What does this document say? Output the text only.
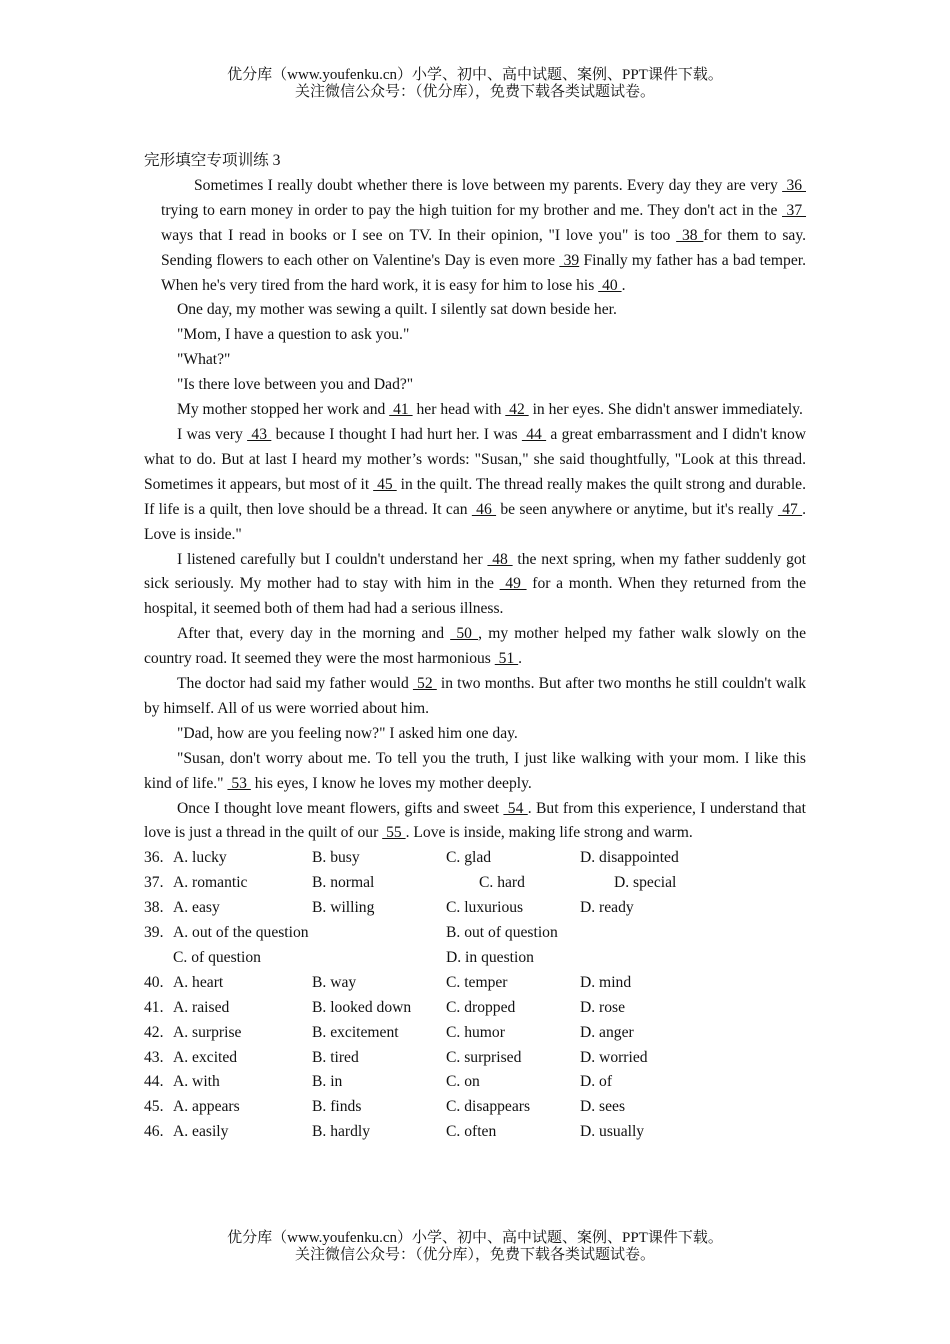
优分库（www.youfenku.cn）小学、初中、高中试题、案例、PPT课件下载。
关注微信公众号：（优分库），免费下载各类试题试卷。
完形填空专项训练 3
Sometimes I really doubt whether there is love between my parents. Every day they are very  36  trying to earn money in order to pay the high tuition for my brother and me. They don't act in the  37  ways that I read in books or I see on TV. In their opinion, "I love you" is too  38 for them to say. Sending flowers to each other on Valentine's Day is even more  39 Finally my father has a bad temper. When he's very tired from the hard work, it is easy for him to lose his  40 .
One day, my mother was sewing a quilt. I silently sat down beside her.
"Mom, I have a question to ask you."
"What?"
"Is there love between you and Dad?"
My mother stopped her work and  41  her head with  42  in her eyes. She didn't answer immediately.
I was very  43  because I thought I had hurt her. I was  44  a great embarrassment and I didn't know what to do. But at last I heard my mother’s words: "Susan," she said thoughtfully, "Look at this thread. Sometimes it appears, but most of it  45  in the quilt. The thread really makes the quilt strong and durable. If life is a quilt, then love should be a thread. It can  46  be seen anywhere or anytime, but it's really  47 . Love is inside."
I listened carefully but I couldn't understand her  48  the next spring, when my father suddenly got sick seriously. My mother had to stay with him in the  49  for a month. When they returned from the hospital, it seemed both of them had had a serious illness.
After that, every day in the morning and  50 , my mother helped my father walk slowly on the country road. It seemed they were the most harmonious  51 .
The doctor had said my father would  52  in two months. But after two months he still couldn't walk by himself. All of us were worried about him.
"Dad, how are you feeling now?" I asked him one day.
"Susan, don't worry about me. To tell you the truth, I just like walking with your mom. I like this kind of life."  53  his eyes, I know he loves my mother deeply.
Once I thought love meant flowers, gifts and sweet  54 . But from this experience, I understand that love is just a thread in the quilt of our  55 . Love is inside, making life strong and warm.
36. A. lucky	B. busy	C. glad	D. disappointed
37. A. romantic	B. normal	C. hard	D. special
38. A. easy	B. willing	C. luxurious	D. ready
39. A. out of the question	B. out of question
C. of question	D. in question
40. A. heart	B. way	C. temper	D. mind
41. A. raised	B. looked down C. dropped	D. rose
42. A. surprise	B. excitement	C. humor	D. anger
43. A. excited	B. tired	C. surprised	D. worried
44. A. with	B. in	C. on	D. of
45. A. appears	B. finds	C. disappears	D. sees
46. A. easily	B. hardly	C. often	D. usually
优分库（www.youfenku.cn）小学、初中、高中试题、案例、PPT课件下载。
关注微信公众号：（优分库），免费下载各类试题试卷。
